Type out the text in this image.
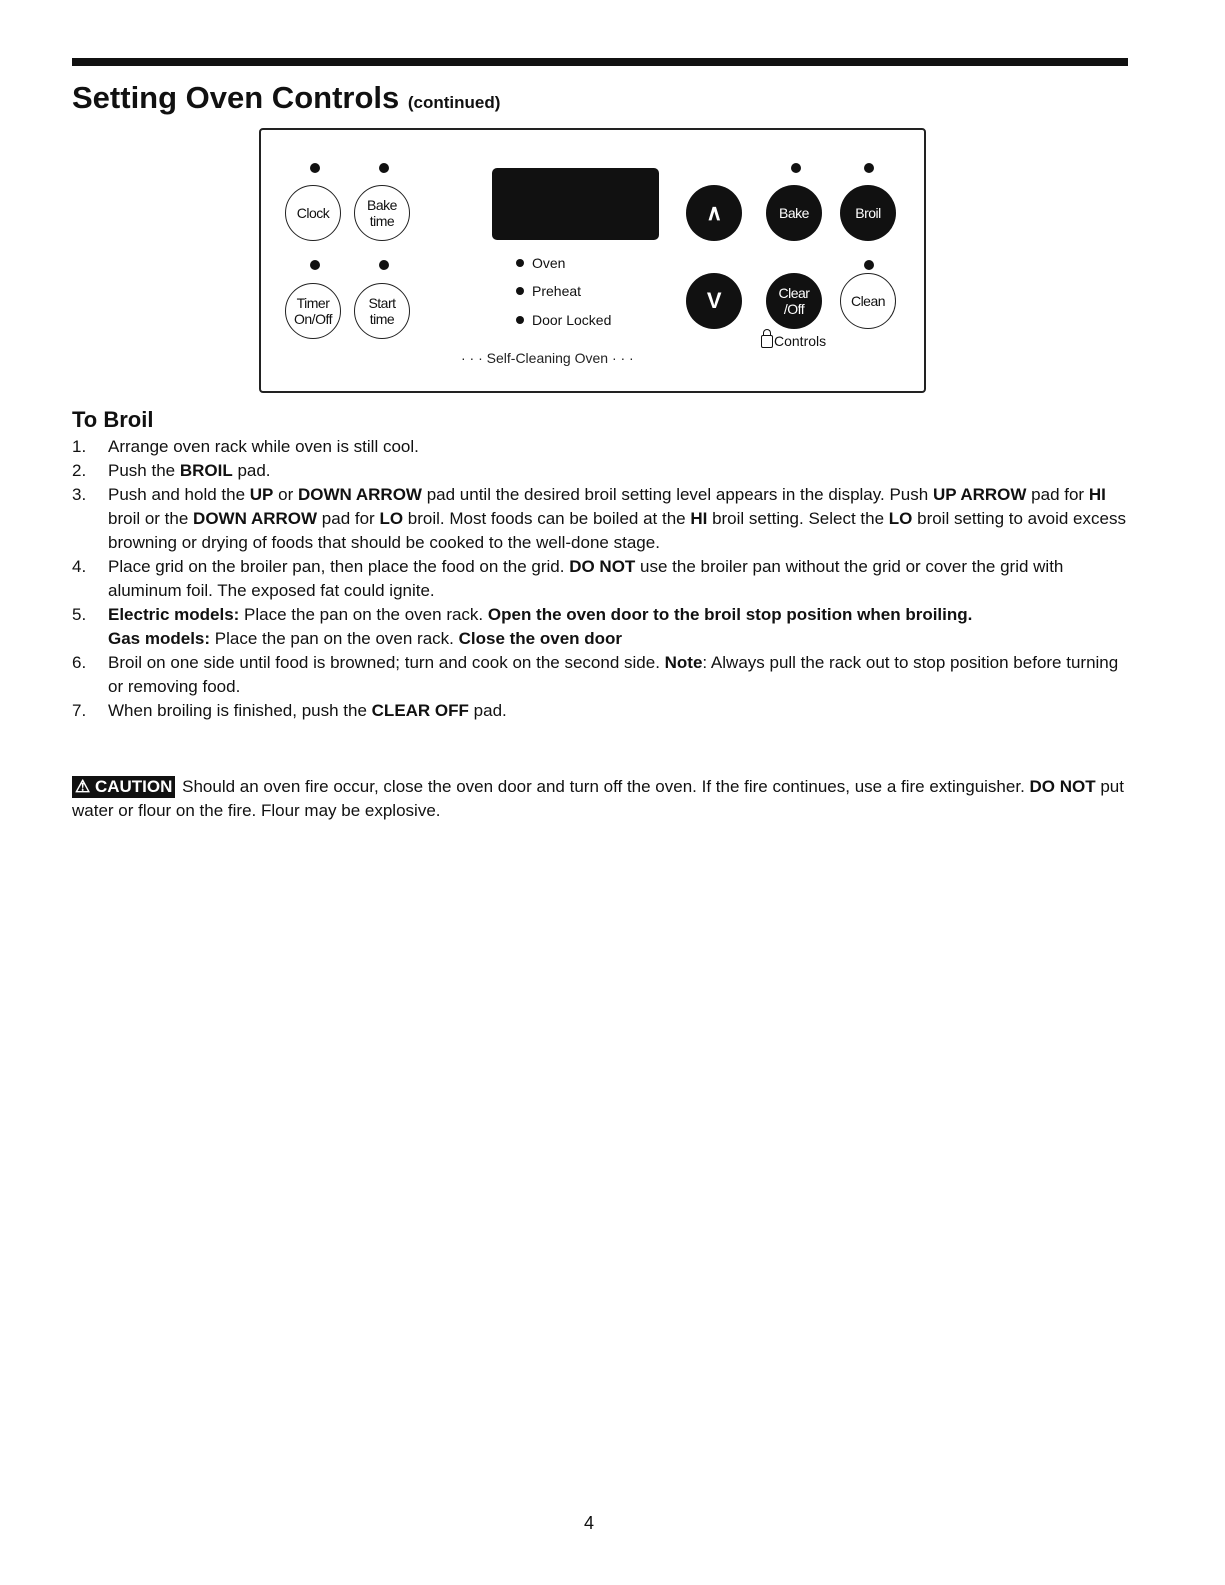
Setting Oven Controls (continued)
Clock	Bake
time
Timer
On/Off
Start
time
Oven
Preheat
Door Locked
· · · Self-Cleaning Oven · · ·
∧	Bake	Broil
V	Clear
/Off	Clean
Controls
To Broil
1. Arrange oven rack while oven is still cool.
2. Push the BROIL pad.
3. Push and hold the UP or DOWN ARROW pad until the desired broil setting level appears in the display. Push UP ARROW pad for HI broil or the DOWN ARROW pad for LO broil. Most foods can be boiled at the HI broil setting. Select the LO broil setting to avoid excess browning or drying of foods that should be cooked to the well-done stage.
4. Place grid on the broiler pan, then place the food on the grid. DO NOT use the broiler pan without the grid or cover the grid with aluminum foil. The exposed fat could ignite.
5. Electric models: Place the pan on the oven rack. Open the oven door to the broil stop position when broiling.
Gas models: Place the pan on the oven rack. Close the oven door
6. Broil on one side until food is browned; turn and cook on the second side. Note: Always pull the rack out to stop position before turning or removing food.
7. When broiling is finished, push the CLEAR OFF pad.
⚠ CAUTION Should an oven fire occur, close the oven door and turn off the oven. If the fire continues, use a fire extinguisher. DO NOT put water or flour on the fire. Flour may be explosive.
4
